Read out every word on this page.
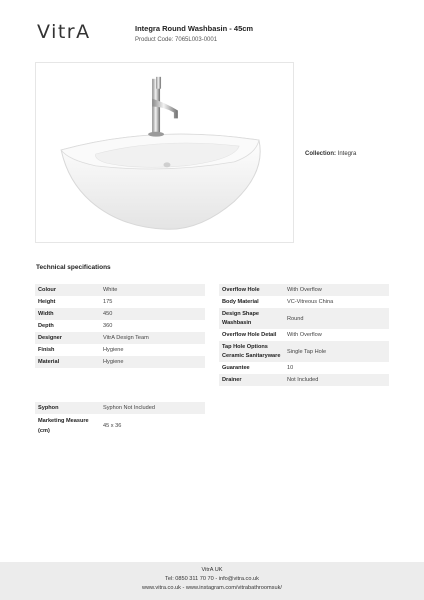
VitrA	Integra Round Washbasin - 45cm
Product Code: 7065L003-0001
Collection: Integra
Technical specifications
Colour	White
Height	175
Width	450
Depth	360
Designer	VitrA Design Team
Finish	Hygiene
Material	Hygiene
Overflow Hole	With Overflow
Body Material	VC-Vitreous China
Design Shape Washbasin	Round
Overflow Hole Detail	With Overflow
Tap Hole Options Ceramic Sanitaryware	Single Tap Hole
Guarantee	10
Drainer	Not Included
Syphon	Syphon Not Included
Marketing Measure (cm)	45 x 36
VitrA UK
Tel: 0850 311 70 70 - info@vitra.co.uk
www.vitra.co.uk - www.instagram.com/vitrabathroomsuk/
